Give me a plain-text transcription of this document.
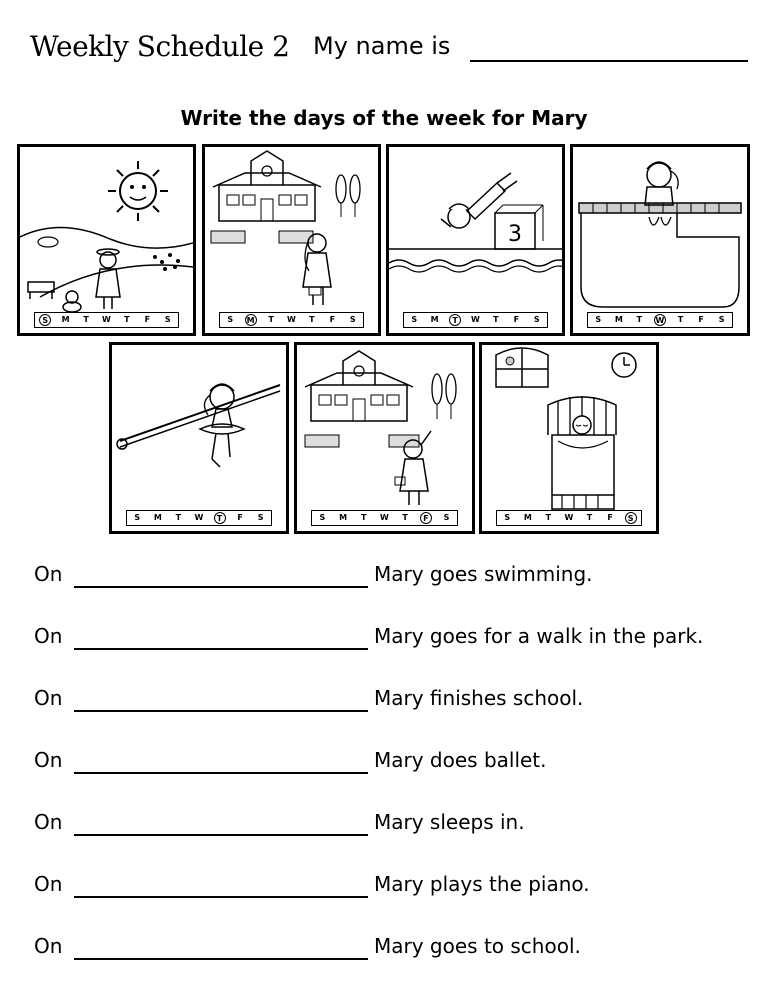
Weekly Schedule 2 My name is
Write the days of the week for Mary
S	M	T	W	T	F	S	S	M	T	W	T	F	S
3
S	M	T	W	T	F	S	S	M	T	W	T	F	S
S	M	T	W	T	F	S	S	M	T	W	T	F	S	S	M	T	W	T	F	S
On	Mary goes swimming.
On	Mary goes for a walk in the park.
On	Mary finishes school.
On	Mary does ballet.
On	Mary sleeps in.
On	Mary plays the piano.
On	Mary goes to school.
